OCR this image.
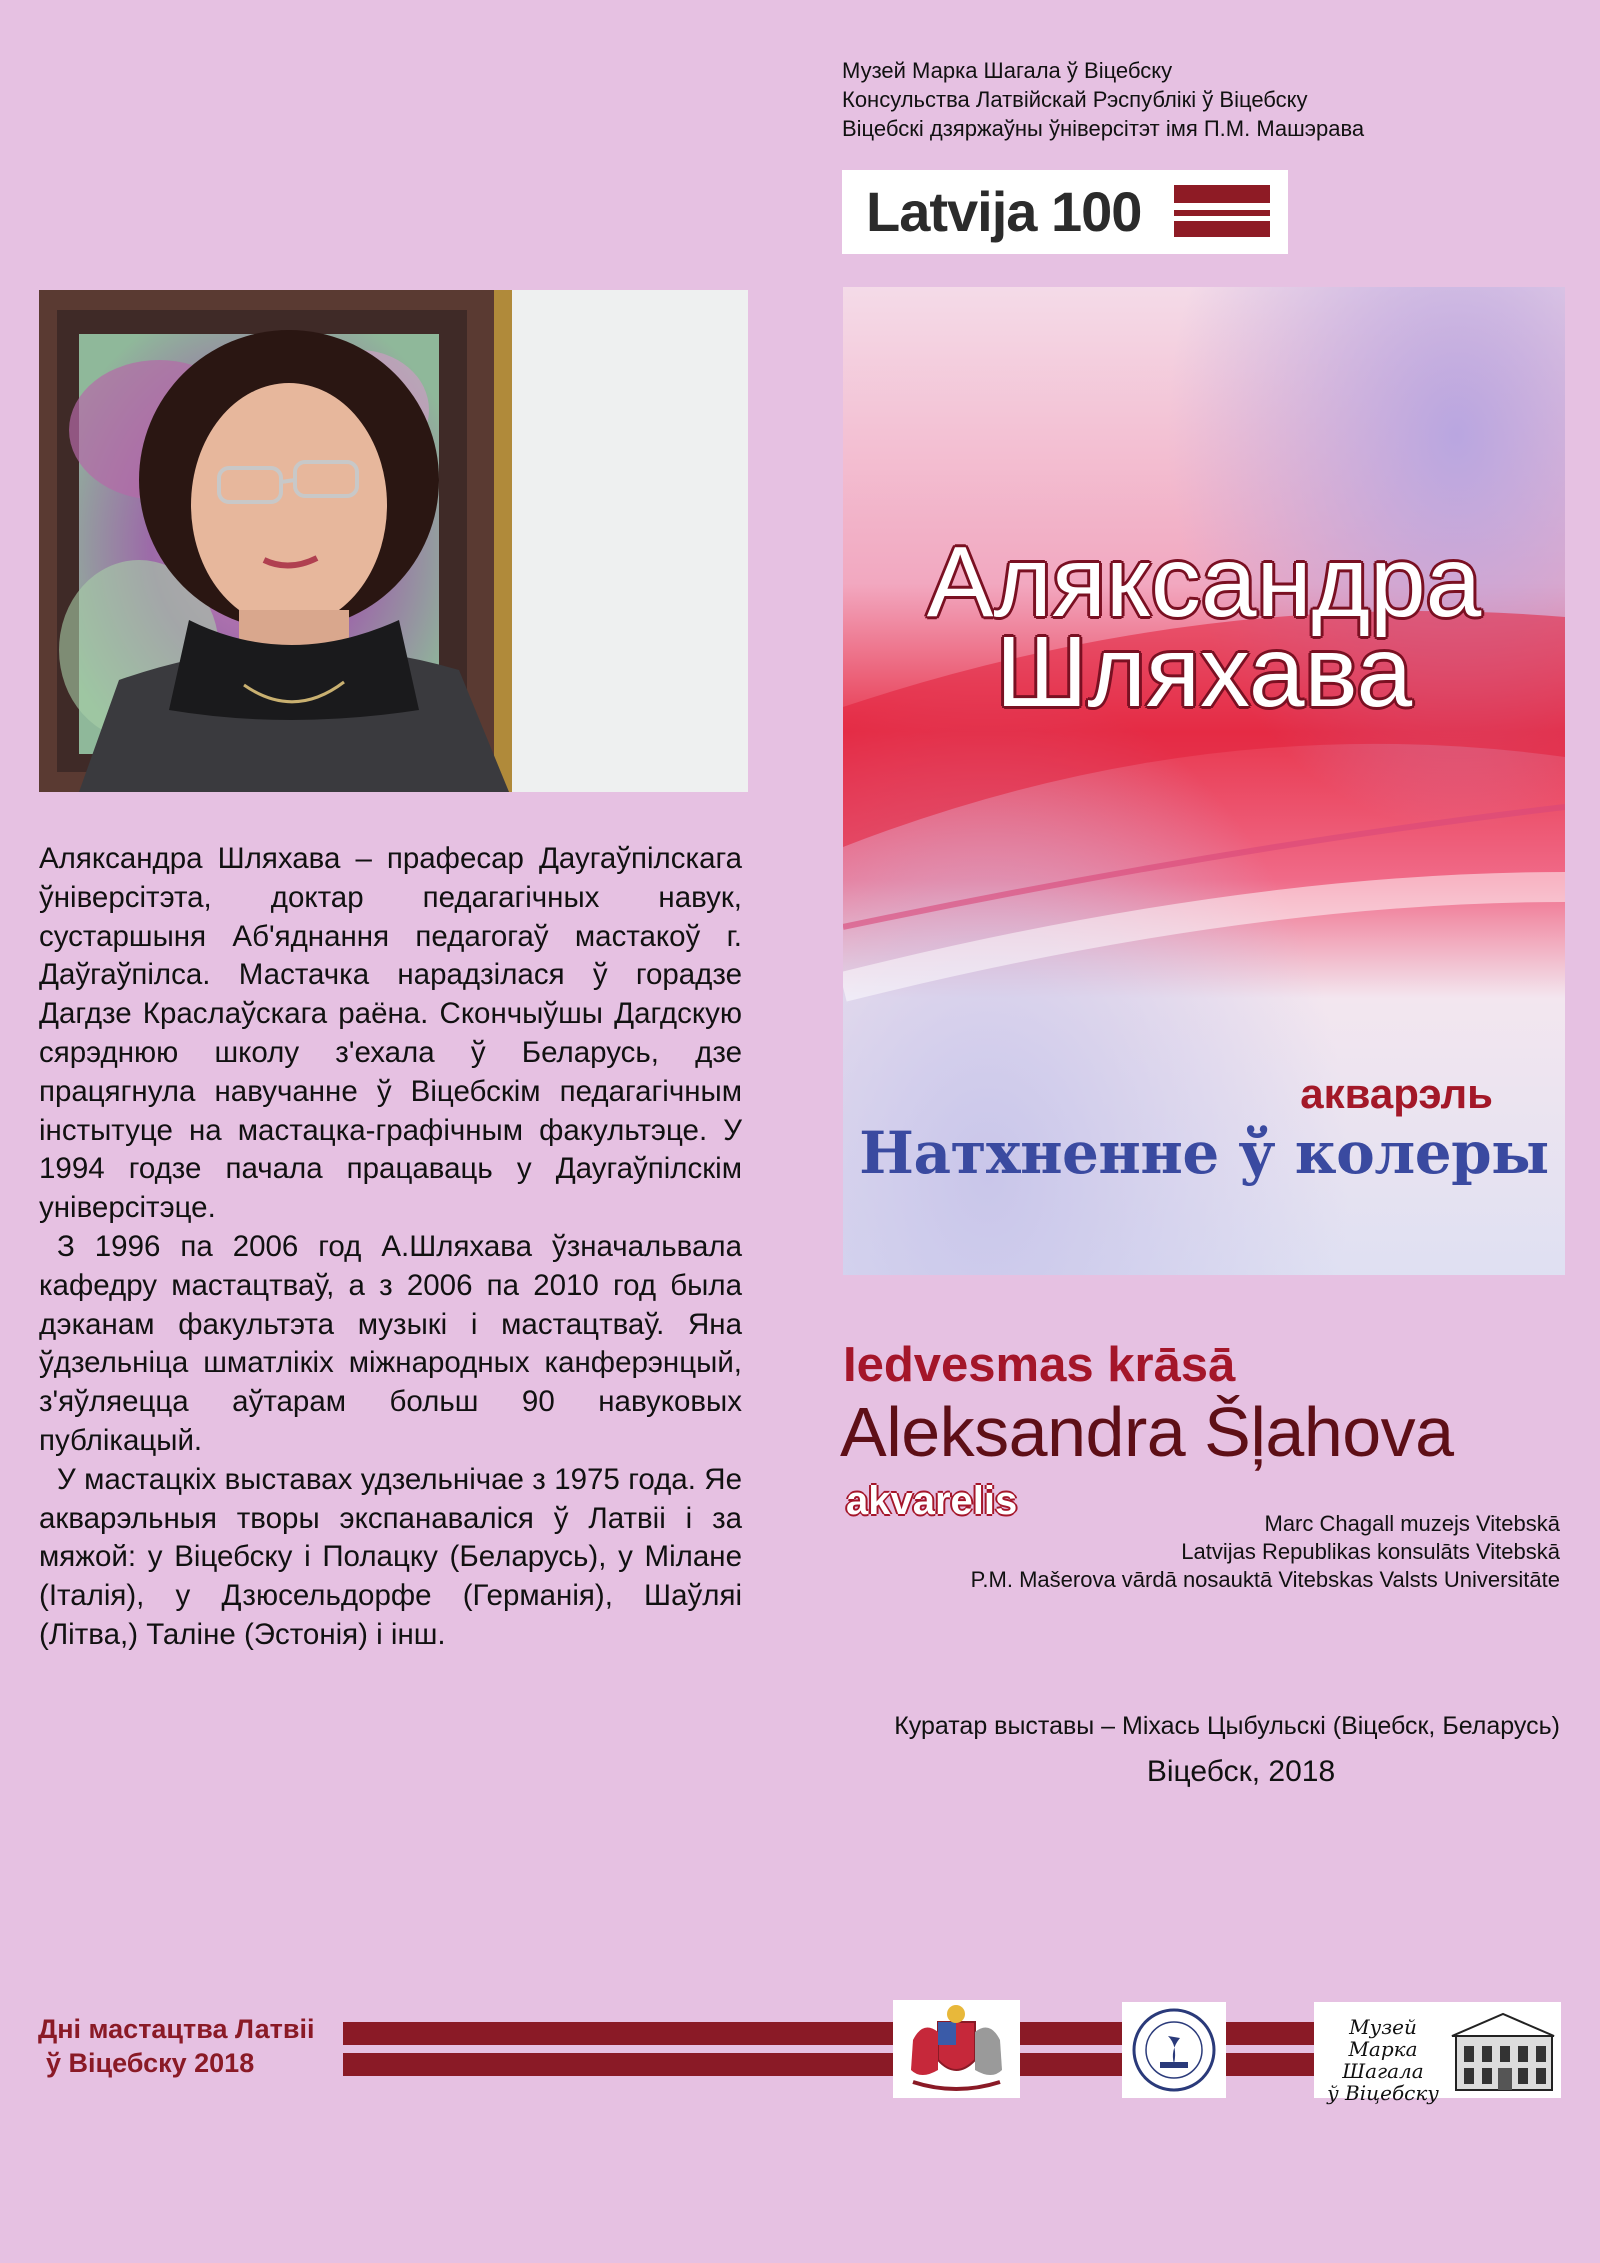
Музей Марка Шагала ў Віцебску
Консульства Латвійскай Рэспублікі ў Віцебску
Віцебскі дзяржаўны ўніверсітэт імя П.М. Машэрава
Latvija 100

Аляксандра Шляхава – прафесар Даугаўпілскага ўніверсітэта, доктар педагагічных навук, сустаршыня Аб'яднання педагогаў мастакоў г. Даўгаўпілса. Мастачка нарадзілася ў горадзе Дагдзе Краслаўскага раёна. Скончыўшы Дагдскую сярэднюю школу з'ехала ў Беларусь, дзе працягнула навучанне ў Віцебскім педагагічным інстытуце на мастацка-графічным факультэце. У 1994 годзе пачала працаваць у Даугаўпілскім універсітэце.

З 1996 па 2006 год А.Шляхава ўзначальвала кафедру мастацтваў, а з 2006 па 2010 год была дэканам факультэта музыкі і мастацтваў. Яна ўдзельніца шматлікіх міжнародных канферэнцый, з'яўляецца аўтарам больш 90 навуковых публікацый.

У мастацкіх выставах удзельнічае з 1975 года. Яе акварэльныя творы экспанаваліся ў Латвіі і за мяжой: у Віцебску і Полацку (Беларусь), у Мілане (Італія), у Дзюсельдорфе (Германія), Шаўляі (Літва,) Таліне (Эстонія) і інш.

Аляксандра
Шляхава
акварэль
Натхненне ў колеры
Iedvesmas krāsā
Aleksandra Šļahova
akvarelis
Marc Chagall muzejs Vitebskā
Latvijas Republikas konsulāts Vitebskā
P.M. Mašerova vārdā nosauktā Vitebskas Valsts Universitāte
Куратар выставы – Міхась Цыбульскі (Віцебск, Беларусь)
Віцебск, 2018
Дні мастацтва Латвіі
ў Віцебску 2018
Музей
Марка Шагала
ў Віцебску
